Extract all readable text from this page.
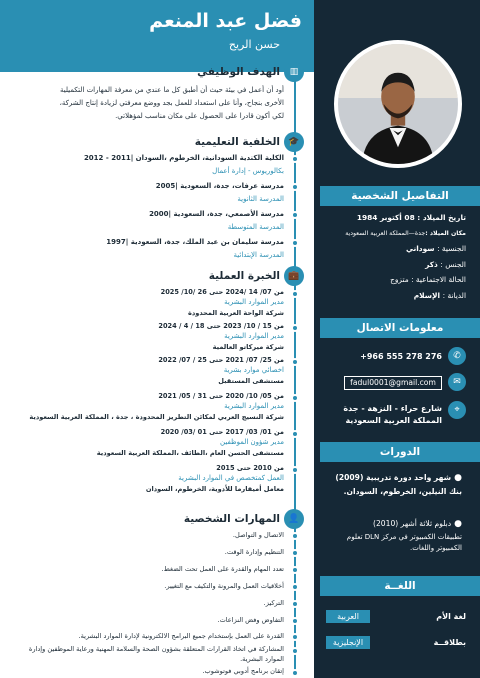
فضل عبد المنعم
حسن الريح
▥
الهدف الوظيفي
أود أن أعمل في بيئة حيث أن أطبق كل ما عندي من معرفة المهارات التكميلية
الأخرى بنجاح، وأنا على استعداد للعمل بجد ووضع معرفتي لزيادة إنتاج الشركة،
لكي أكون قادرا على الحصول على مكان مناسب لمؤهلاتي.
🎓
الخلفية التعليمية
الكلية الكندية السودانية، الخرطوم ،السودان |2011 - 2012
بكالوريوس - إدارة أعمال
مدرسة عرفات، جدة، السعودية |2005
المدرسة الثانوية
مدرسة الأصمعي، جدة، السعودية |2000
المدرسة المتوسطة
مدرسة سليمان بن عبد الملك، جدة، السعودية |1997
المدرسة الإبتدائية
💼
الخبرة العملية
من 07/ 14 /2024 حتى 26 /10/ 2025
مدير الموارد البشرية
شركة الواحة العربية المحدودة
من 15 / 10/ 2023 حتى 18 / 4 / 2024
مدير الموارد البشرية
شركة ميركاتو العالمية
من 25/ 07/ 2021 حتى 25 / 07/ 2022
اخصائي موارد بشرية
مستشفى المستقبل
من 05/ 10/ 2020 حتى 31 / 05/ 2021
مدير الموارد البشرية
شركة النسيج العربي لمكائن التطريز المحدودة ، جدة ، المملكة العربية السعودية
من 01/ 03/ 2017 حتى 01 /03/ 2020
مدير شؤون الموظفين
مستشفى الحسن العام ،الطائف ،المملكة العربية السعودية
من 2010 حتى 2015
العمل كمتخصص في الموارد البشرية
معامل أميفارما للأدوية، الخرطوم، السودان
👤
المهارات الشخصية
الاتصال و التواصل.
التنظيم وإدارة الوقت.
تعدد المهام والقدرة على العمل تحت الضغط.
أخلاقيات العمل والمرونة والتكيف مع التغيير.
التركيز.
التفاوض وفض النزاعات.
القدرة على العمل بإستخدام جميع البرامج الالكترونية لإدارة الموارد البشرية.
المشاركة في اتخاذ القرارات المتعلقة بشؤون الصحة والسلامة المهنية ورعاية الموظفين وإدارة الموارد البشرية.
إتقان برنامج أدوبي فوتوشوب.
التفاصيل الشخصية
تاريخ الميلاد : 08 أكتوبر 1984
مكان الميلاد :جدة—المملكة العربية السعودية
الجنسية : سوداني
الجنس : ذكر
الحالة الاجتماعية : متزوج
الديانة : الإسلام
معلومات الاتصال
✆
+966 555 278 276
✉
fadul0001@gmail.com
⌖
شارع حراء - النزهة - جدة
المملكة العربية السعودية
الدورات
●شهر واحد دورة تدريبية (2009)
بنك النيلين، الخرطوم، السودان.
●دبلوم ثلاثة أشهر (2010)
تطبيقات الكمبيوتر في مركز DLN تعلوم الكمبيوتر واللغات.
اللغــة
العربية	لغة الأم
الإنجليزية	بطلاقــة
